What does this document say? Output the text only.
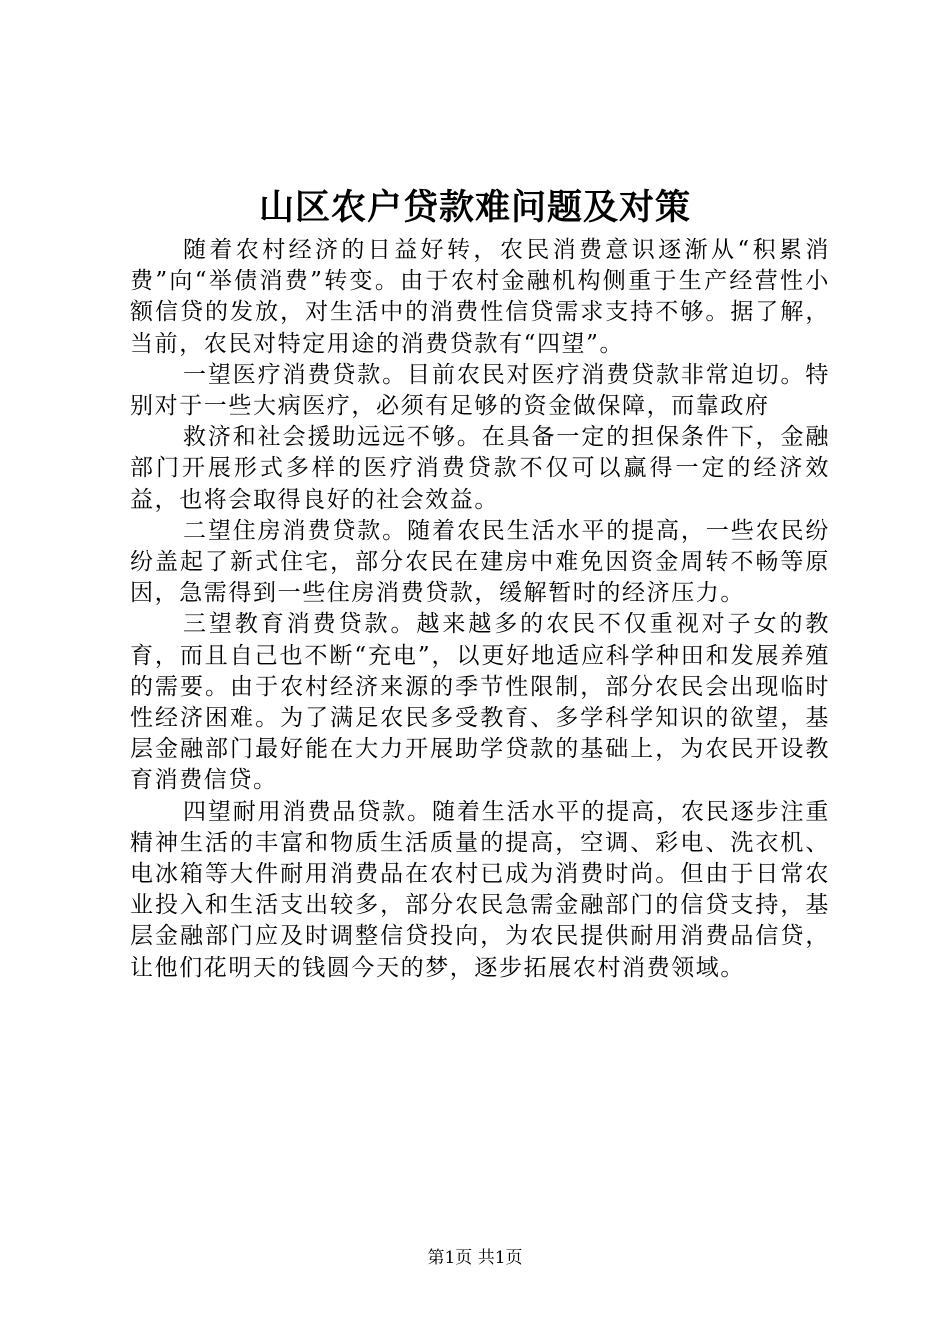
山区农户贷款难问题及对策

随着农村经济的日益好转，农民消费意识逐渐从“积累消费”向“举债消费”转变。由于农村金融机构侧重于生产经营性小额信贷的发放，对生活中的消费性信贷需求支持不够。据了解，当前，农民对特定用途的消费贷款有“四望”。

一望医疗消费贷款。目前农民对医疗消费贷款非常迫切。特别对于一些大病医疗，必须有足够的资金做保障，而靠政府

救济和社会援助远远不够。在具备一定的担保条件下，金融部门开展形式多样的医疗消费贷款不仅可以赢得一定的经济效益，也将会取得良好的社会效益。

二望住房消费贷款。随着农民生活水平的提高，一些农民纷纷盖起了新式住宅，部分农民在建房中难免因资金周转不畅等原因，急需得到一些住房消费贷款，缓解暂时的经济压力。

三望教育消费贷款。越来越多的农民不仅重视对子女的教育，而且自己也不断“充电”，以更好地适应科学种田和发展养殖的需要。由于农村经济来源的季节性限制，部分农民会出现临时性经济困难。为了满足农民多受教育、多学科学知识的欲望，基层金融部门最好能在大力开展助学贷款的基础上，为农民开设教育消费信贷。

四望耐用消费品贷款。随着生活水平的提高，农民逐步注重精神生活的丰富和物质生活质量的提高，空调、彩电、洗衣机、电冰箱等大件耐用消费品在农村已成为消费时尚。但由于日常农业投入和生活支出较多，部分农民急需金融部门的信贷支持，基层金融部门应及时调整信贷投向，为农民提供耐用消费品信贷，让他们花明天的钱圆今天的梦，逐步拓展农村消费领域。

第1页 共1页
